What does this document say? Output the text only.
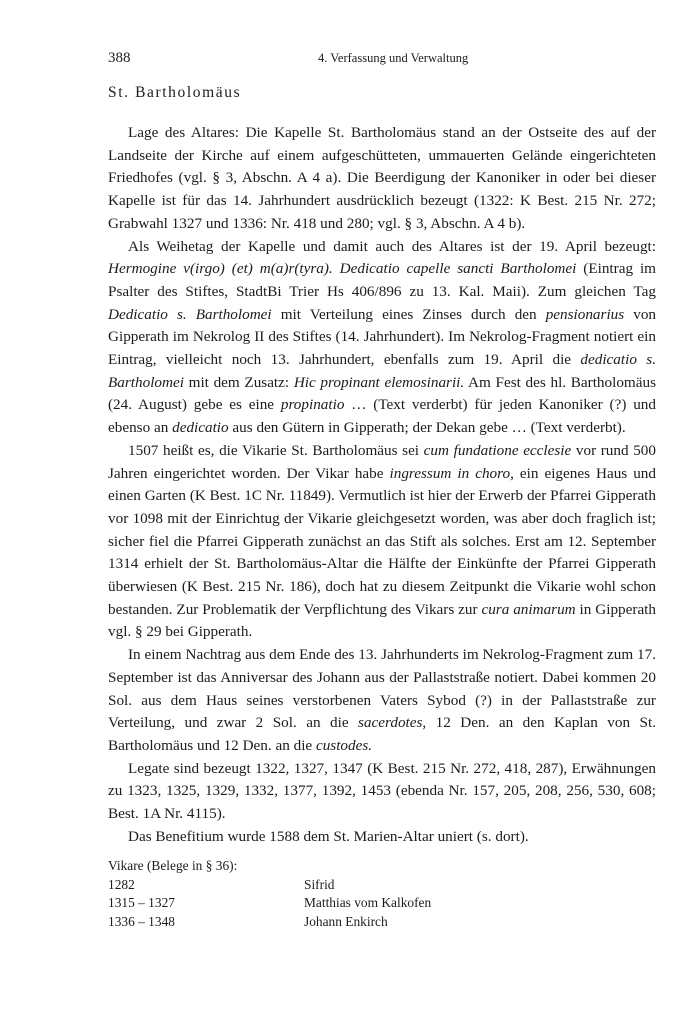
388	4. Verfassung und Verwaltung
St. Bartholomäus

Lage des Altares: Die Kapelle St. Bartholomäus stand an der Ostseite des auf der Landseite der Kirche auf einem aufgeschütteten, ummauerten Gelände eingerichteten Friedhofes (vgl. § 3, Abschn. A 4 a). Die Beerdigung der Kanoniker in oder bei dieser Kapelle ist für das 14. Jahrhundert ausdrücklich bezeugt (1322: K Best. 215 Nr. 272; Grabwahl 1327 und 1336: Nr. 418 und 280; vgl. § 3, Abschn. A 4 b).

Als Weihetag der Kapelle und damit auch des Altares ist der 19. April bezeugt: Hermogine v(irgo) (et) m(a)r(tyra). Dedicatio capelle sancti Bartholomei (Eintrag im Psalter des Stiftes, StadtBi Trier Hs 406/896 zu 13. Kal. Maii). Zum gleichen Tag Dedicatio s. Bartholomei mit Verteilung eines Zinses durch den pensionarius von Gipperath im Nekrolog II des Stiftes (14. Jahrhundert). Im Nekrolog-Fragment notiert ein Eintrag, vielleicht noch 13. Jahrhundert, ebenfalls zum 19. April die dedicatio s. Bartholomei mit dem Zusatz: Hic propinant elemosinarii. Am Fest des hl. Bartholomäus (24. August) gebe es eine propinatio … (Text verderbt) für jeden Kanoniker (?) und ebenso an dedicatio aus den Gütern in Gipperath; der Dekan gebe … (Text verderbt).

1507 heißt es, die Vikarie St. Bartholomäus sei cum fundatione ecclesie vor rund 500 Jahren eingerichtet worden. Der Vikar habe ingressum in choro, ein eigenes Haus und einen Garten (K Best. 1C Nr. 11849). Vermutlich ist hier der Erwerb der Pfarrei Gipperath vor 1098 mit der Einrichtug der Vikarie gleichgesetzt worden, was aber doch fraglich ist; sicher fiel die Pfarrei Gipperath zunächst an das Stift als solches. Erst am 12. September 1314 erhielt der St. Bartholomäus-Altar die Hälfte der Einkünfte der Pfarrei Gipperath überwiesen (K Best. 215 Nr. 186), doch hat zu diesem Zeitpunkt die Vikarie wohl schon bestanden. Zur Problematik der Verpflichtung des Vikars zur cura animarum in Gipperath vgl. § 29 bei Gipperath.

In einem Nachtrag aus dem Ende des 13. Jahrhunderts im Nekrolog-Fragment zum 17. September ist das Anniversar des Johann aus der Pallaststraße notiert. Dabei kommen 20 Sol. aus dem Haus seines verstorbenen Vaters Sybod (?) in der Pallaststraße zur Verteilung, und zwar 2 Sol. an die sacerdotes, 12 Den. an den Kaplan von St. Bartholomäus und 12 Den. an die custodes.

Legate sind bezeugt 1322, 1327, 1347 (K Best. 215 Nr. 272, 418, 287), Erwähnungen zu 1323, 1325, 1329, 1332, 1377, 1392, 1453 (ebenda Nr. 157, 205, 208, 256, 530, 608; Best. 1A Nr. 4115).

Das Benefitium wurde 1588 dem St. Marien-Altar uniert (s. dort).

Vikare (Belege in § 36):

1282	Sifrid
1315 – 1327	Matthias vom Kalkofen
1336 – 1348	Johann Enkirch
